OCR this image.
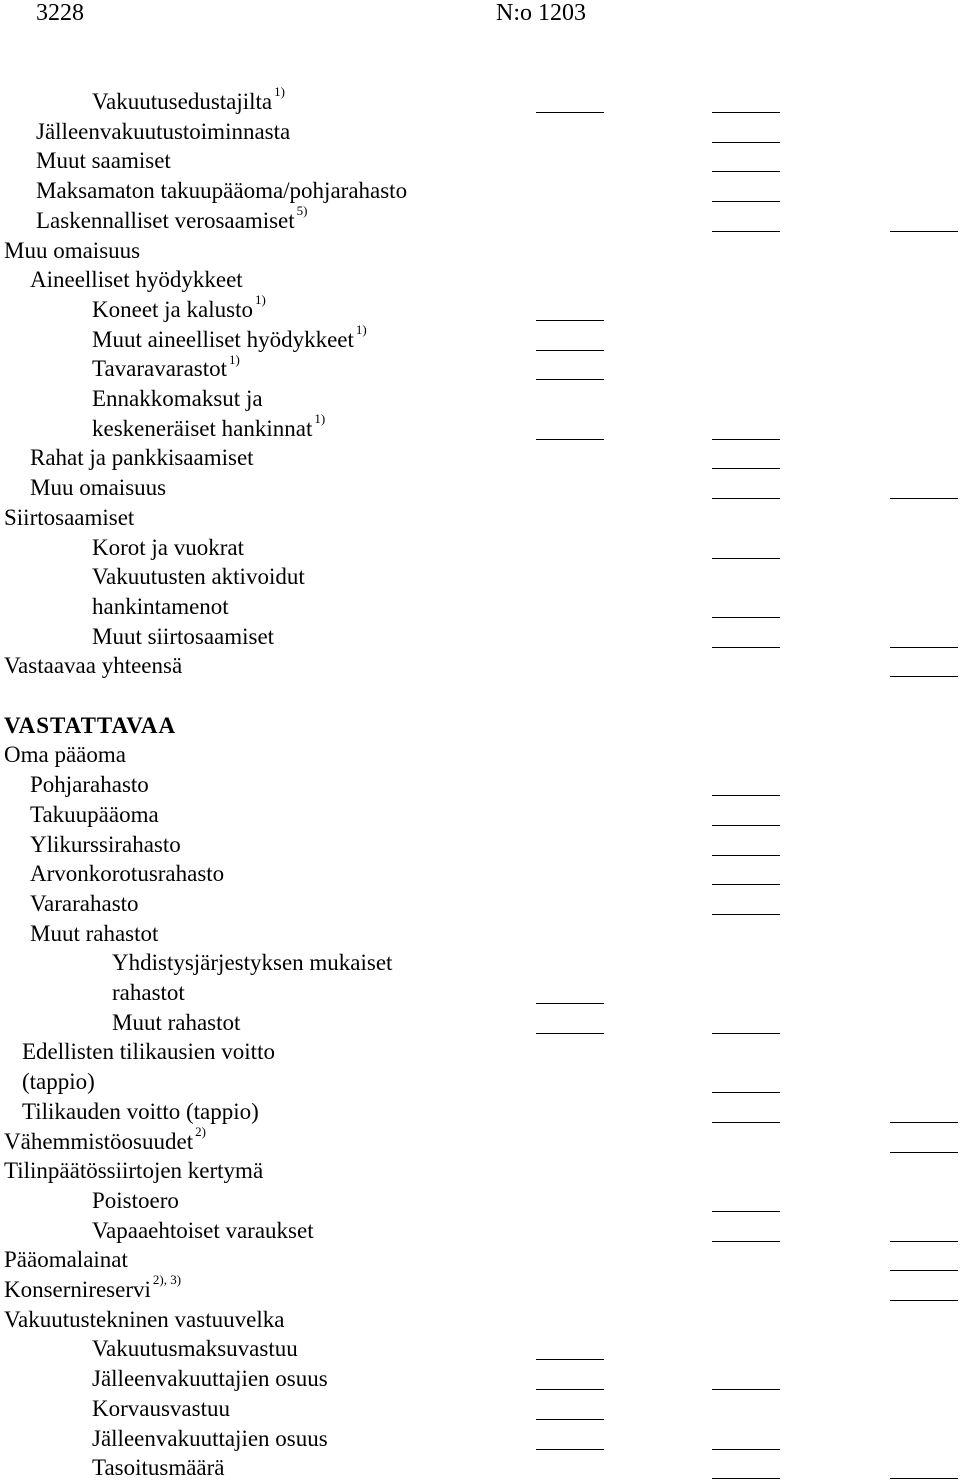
3228	N:o 1203
Vakuutusedustajilta $^{1)}$
Jälleenvakuutustoiminnasta
Muut saamiset
Maksamaton takuupääoma/pohjarahasto
Laskennalliset verosaamiset $^{5)}$
Muu omaisuus
Aineelliset hyödykkeet
Koneet ja kalusto $^{1)}$
Muut aineelliset hyödykkeet $^{1)}$
Tavaravarastot $^{1)}$
Ennakkomaksut ja
keskeneräiset hankinnat $^{1)}$
Rahat ja pankkisaamiset
Muu omaisuus
Siirtosaamiset
Korot ja vuokrat
Vakuutusten aktivoidut
hankintamenot
Muut siirtosaamiset
Vastaavaa yhteensä
VASTATTAVAA
Oma pääoma
Pohjarahasto
Takuupääoma
Ylikurssirahasto
Arvonkorotusrahasto
Vararahasto
Muut rahastot
Yhdistysjärjestyksen mukaiset
rahastot
Muut rahastot
Edellisten tilikausien voitto
(tappio)
Tilikauden voitto (tappio)
Vähemmistöosuudet $^{2)}$
Tilinpäätössiirtojen kertymä
Poistoero
Vapaaehtoiset varaukset
Pääomalainat
Konsernireservi $^{2), 3)}$
Vakuutustekninen vastuuvelka
Vakuutusmaksuvastuu
Jälleenvakuuttajien osuus
Korvausvastuu
Jälleenvakuuttajien osuus
Tasoitusmäärä
